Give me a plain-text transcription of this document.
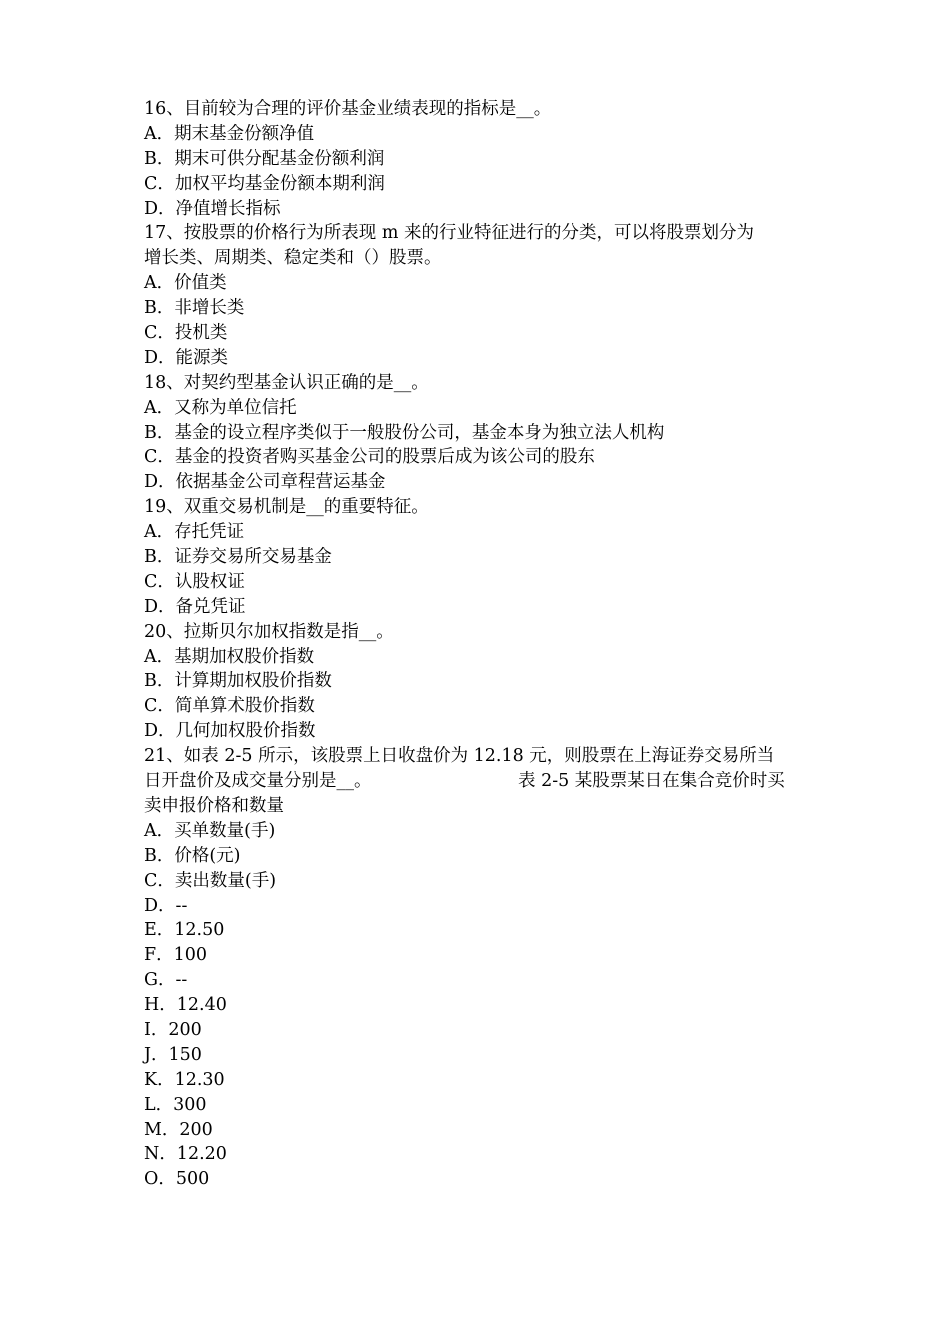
16、目前较为合理的评价基金业绩表现的指标是__。

A．期末基金份额净值

B．期末可供分配基金份额利润

C．加权平均基金份额本期利润

D．净值增长指标

17、按股票的价格行为所表现 m 来的行业特征进行的分类，可以将股票划分为

增长类、周期类、稳定类和（）股票。

A．价值类

B．非增长类

C．投机类

D．能源类

18、对契约型基金认识正确的是__。

A．又称为单位信托

B．基金的设立程序类似于一般股份公司，基金本身为独立法人机构

C．基金的投资者购买基金公司的股票后成为该公司的股东

D．依据基金公司章程营运基金

19、双重交易机制是__的重要特征。

A．存托凭证

B．证券交易所交易基金

C．认股权证

D．备兑凭证

20、拉斯贝尔加权指数是指__。

A．基期加权股价指数

B．计算期加权股价指数

C．简单算术股价指数

D．几何加权股价指数

21、如表 2-5 所示，该股票上日收盘价为 12.18 元，则股票在上海证券交易所当

日开盘价及成交量分别是__。	表 2-5 某股票某日在集合竞价时买

卖申报价格和数量

A．买单数量(手)

B．价格(元)

C．卖出数量(手)

D．--

E．12.50

F．100

G．--

H．12.40

I．200

J．150

K．12.30

L．300

M．200

N．12.20

O．500
